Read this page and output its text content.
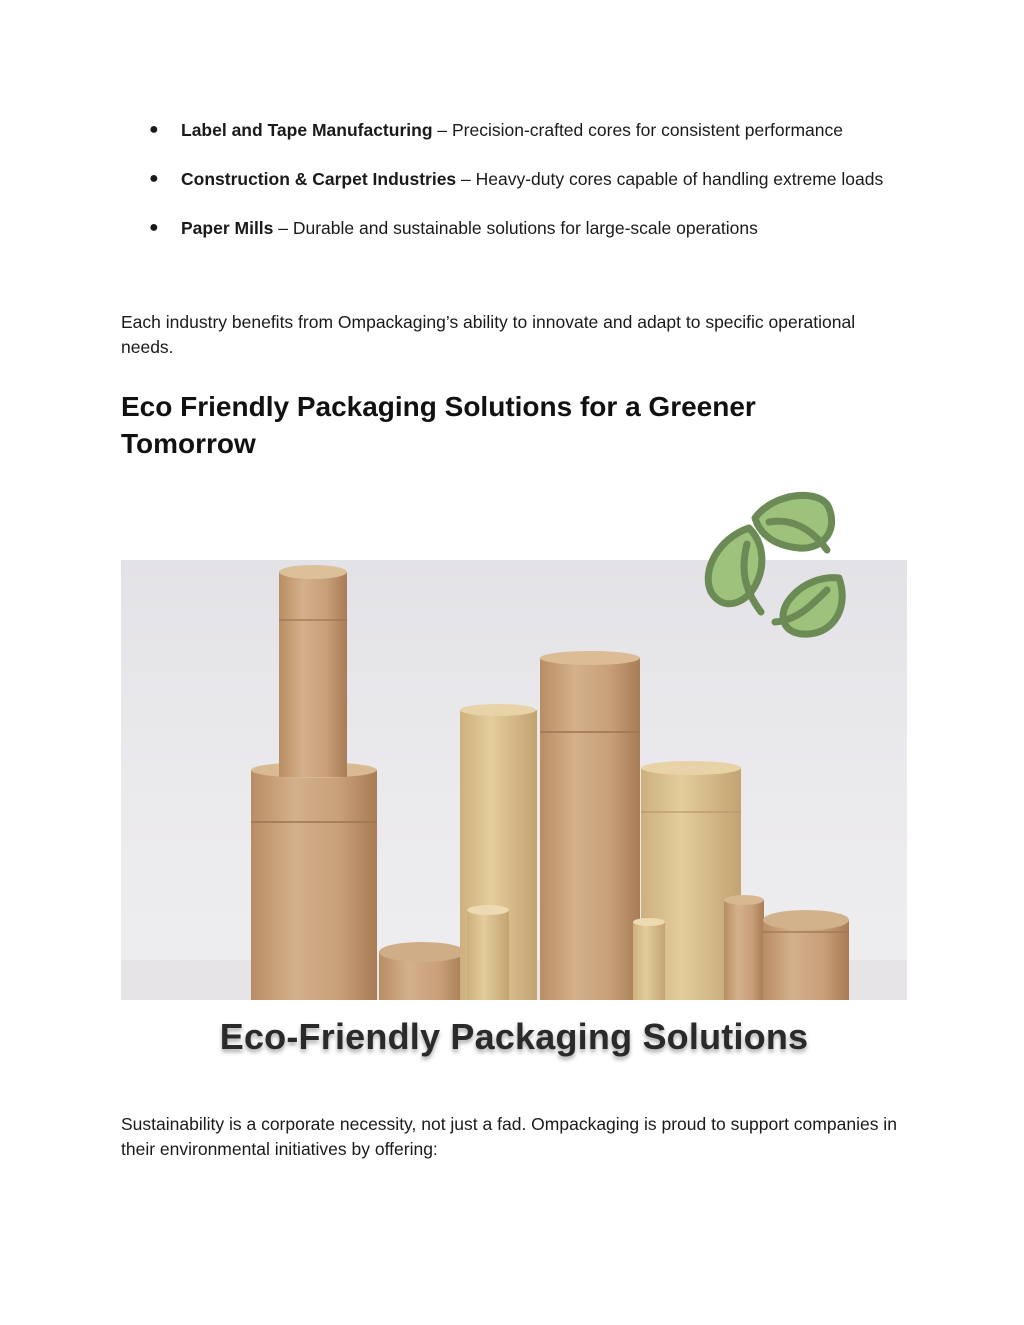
● Label and Tape Manufacturing – Precision-crafted cores for consistent performance
● Construction & Carpet Industries – Heavy-duty cores capable of handling extreme loads
● Paper Mills – Durable and sustainable solutions for large-scale operations

Each industry benefits from Ompackaging’s ability to innovate and adapt to specific operational needs.

Eco Friendly Packaging Solutions for a Greener Tomorrow
Eco-Friendly Packaging Solutions

Sustainability is a corporate necessity, not just a fad. Ompackaging is proud to support companies in their environmental initiatives by offering:
